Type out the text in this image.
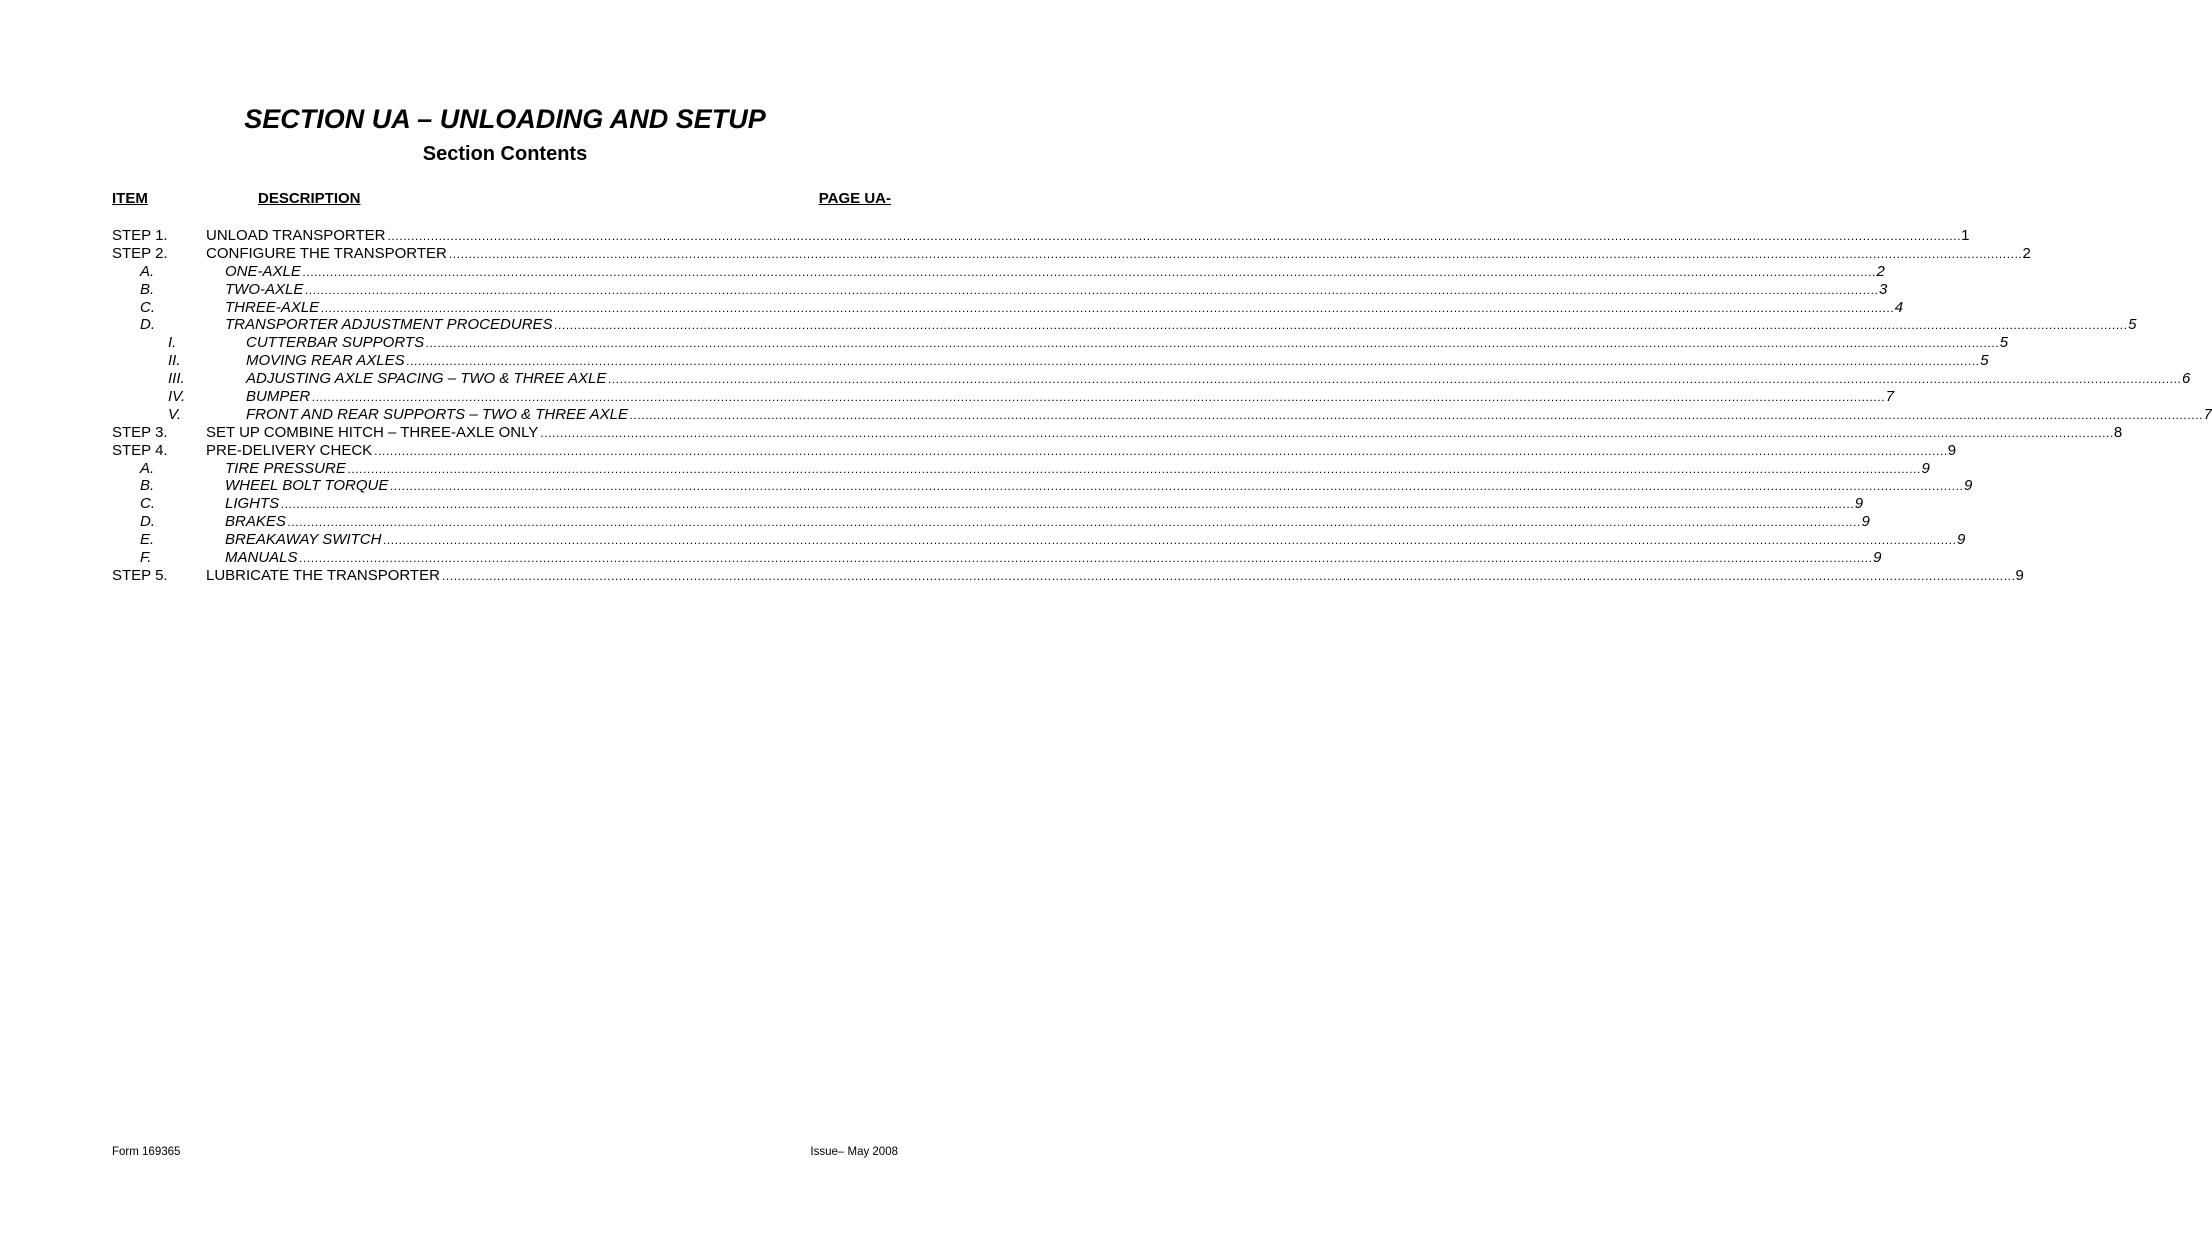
SECTION UA – UNLOADING AND SETUP
Section Contents
ITEM	DESCRIPTION	PAGE UA-
STEP 1.	UNLOAD TRANSPORTER ................................................................................................................................................................................................................................................................................................................................................................................................................ 1
STEP 2.	CONFIGURE THE TRANSPORTER ................................................................................................................................................................................................................................................................................................................................................................................................................ 2
A.	ONE-AXLE ................................................................................................................................................................................................................................................................................................................................................................................................................ 2
B.	TWO-AXLE ................................................................................................................................................................................................................................................................................................................................................................................................................ 3
C.	THREE-AXLE ................................................................................................................................................................................................................................................................................................................................................................................................................ 4
D.	TRANSPORTER ADJUSTMENT PROCEDURES ................................................................................................................................................................................................................................................................................................................................................................................................................ 5
I.	CUTTERBAR SUPPORTS ................................................................................................................................................................................................................................................................................................................................................................................................................ 5
II.	MOVING REAR AXLES ................................................................................................................................................................................................................................................................................................................................................................................................................ 5
III.	ADJUSTING AXLE SPACING – TWO & THREE AXLE ................................................................................................................................................................................................................................................................................................................................................................................................................ 6
IV.	BUMPER ................................................................................................................................................................................................................................................................................................................................................................................................................ 7
V.	FRONT AND REAR SUPPORTS – TWO & THREE AXLE ................................................................................................................................................................................................................................................................................................................................................................................................................ 7
STEP 3.	SET UP COMBINE HITCH – THREE-AXLE ONLY ................................................................................................................................................................................................................................................................................................................................................................................................................ 8
STEP 4.	PRE-DELIVERY CHECK ................................................................................................................................................................................................................................................................................................................................................................................................................ 9
A.	TIRE PRESSURE ................................................................................................................................................................................................................................................................................................................................................................................................................ 9
B.	WHEEL BOLT TORQUE ................................................................................................................................................................................................................................................................................................................................................................................................................ 9
C.	LIGHTS ................................................................................................................................................................................................................................................................................................................................................................................................................ 9
D.	BRAKES ................................................................................................................................................................................................................................................................................................................................................................................................................ 9
E.	BREAKAWAY SWITCH ................................................................................................................................................................................................................................................................................................................................................................................................................ 9
F.	MANUALS ................................................................................................................................................................................................................................................................................................................................................................................................................ 9
STEP 5.	LUBRICATE THE TRANSPORTER ................................................................................................................................................................................................................................................................................................................................................................................................................ 9
Form 169365	Issue– May 2008
